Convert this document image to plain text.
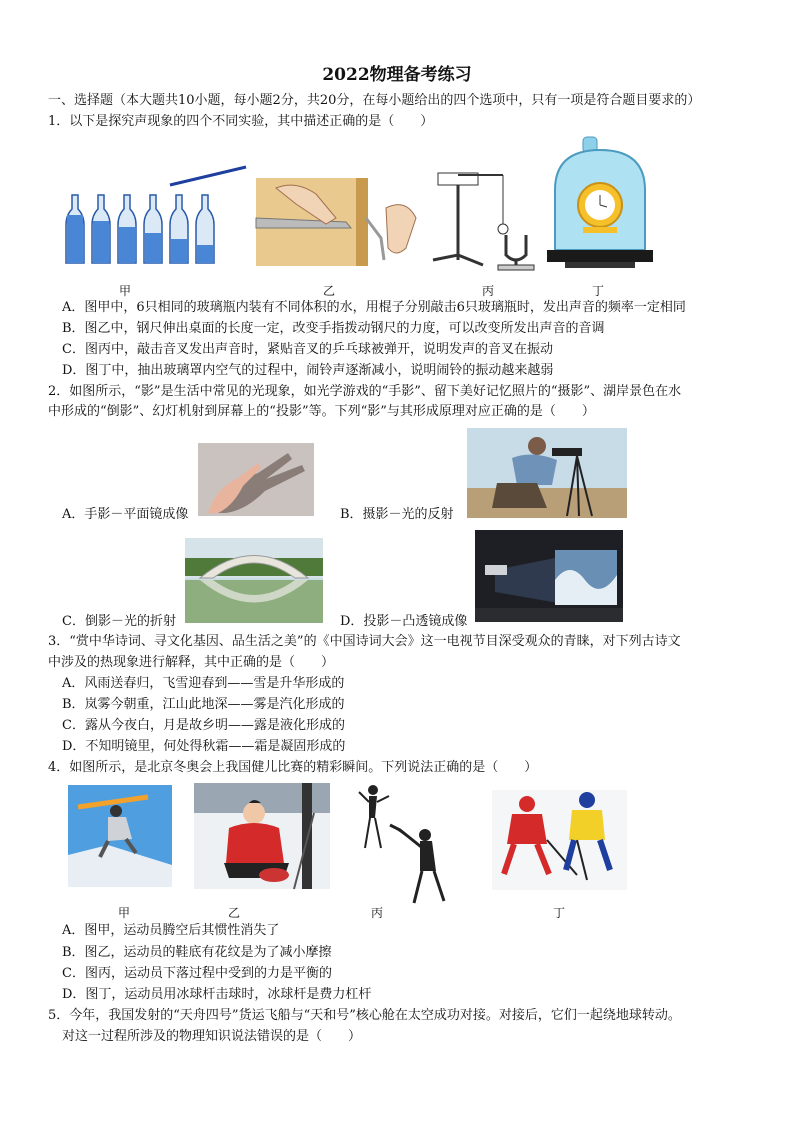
2022物理备考练习
一、选择题（本大题共10小题，每小题2分，共20分，在每小题给出的四个选项中，只有一项是符合题目要求的）
1．以下是探究声现象的四个不同实验，其中描述正确的是（　　）
甲	乙	丙	丁
A．图甲中，6只相同的玻璃瓶内装有不同体积的水，用棍子分别敲击6只玻璃瓶时，发出声音的频率一定相同
B．图乙中，钢尺伸出桌面的长度一定，改变手指拨动钢尺的力度，可以改变所发出声音的音调
C．图丙中，敲击音叉发出声音时，紧贴音叉的乒乓球被弹开，说明发声的音叉在振动
D．图丁中，抽出玻璃罩内空气的过程中，闹铃声逐渐减小，说明闹铃的振动越来越弱
2．如图所示，“影”是生活中常见的光现象，如光学游戏的“手影”、留下美好记忆照片的“摄影”、湖岸景色在水
中形成的“倒影”、幻灯机射到屏幕上的“投影”等。下列“影”与其形成原理对应正确的是（　　）
A．手影－平面镜成像	B．摄影－光的反射
C．倒影－光的折射	D．投影－凸透镜成像
3．“赏中华诗词、寻文化基因、品生活之美”的《中国诗词大会》这一电视节目深受观众的青睐，对下列古诗文
中涉及的热现象进行解释，其中正确的是（　　）
A．风雨送春归，飞雪迎春到——雪是升华形成的
B．岚雾今朝重，江山此地深——雾是汽化形成的
C．露从今夜白，月是故乡明——露是液化形成的
D．不知明镜里，何处得秋霜——霜是凝固形成的
4．如图所示，是北京冬奥会上我国健儿比赛的精彩瞬间。下列说法正确的是（　　）
甲	乙	丙	丁
A．图甲，运动员腾空后其惯性消失了
B．图乙，运动员的鞋底有花纹是为了减小摩擦
C．图丙，运动员下落过程中受到的力是平衡的
D．图丁，运动员用冰球杆击球时，冰球杆是费力杠杆
5．今年，我国发射的“天舟四号”货运飞船与“天和号”核心舱在太空成功对接。对接后，它们一起绕地球转动。
对这一过程所涉及的物理知识说法错误的是（　　）
